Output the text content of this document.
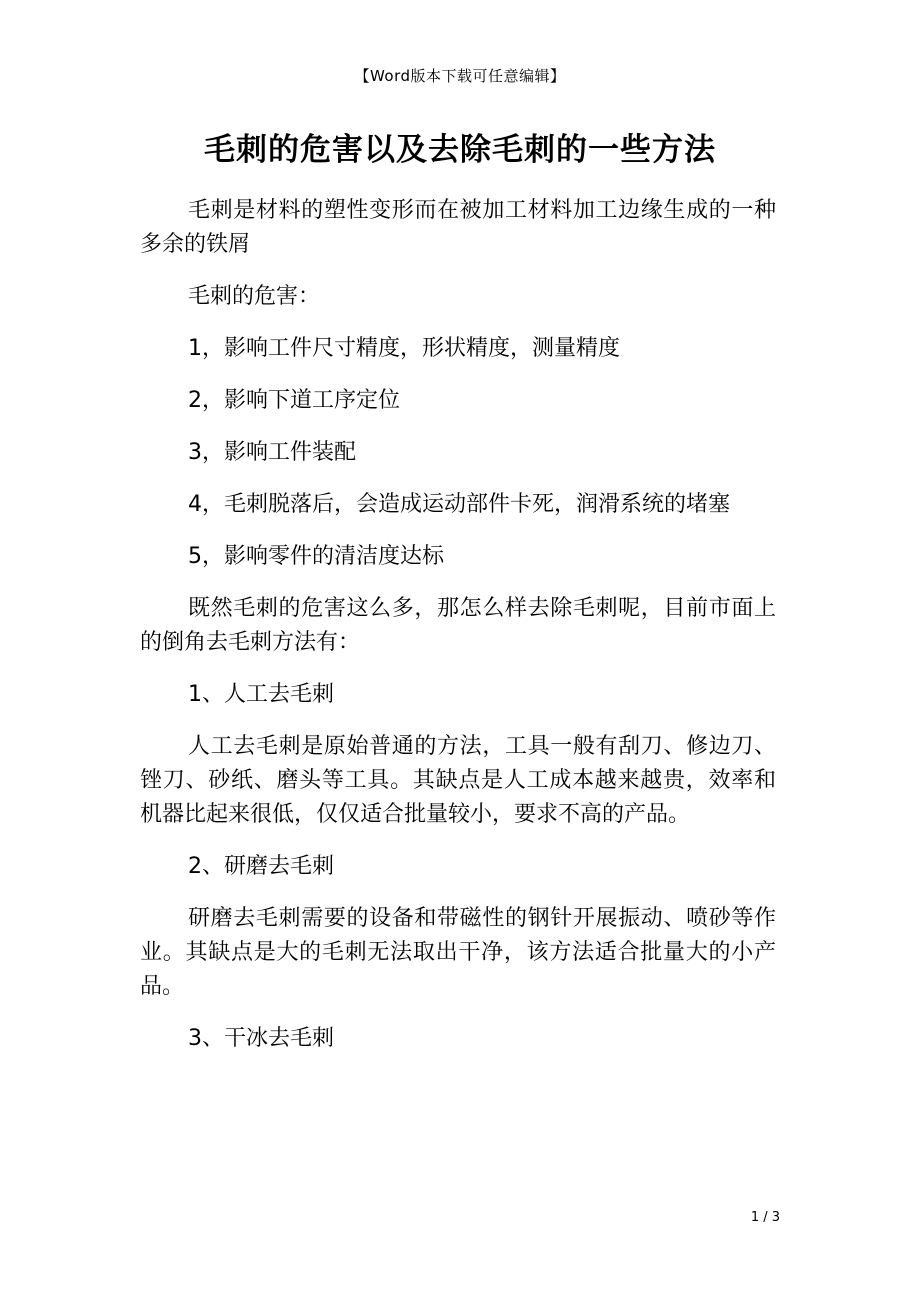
【Word版本下载可任意编辑】
毛刺的危害以及去除毛刺的一些方法

毛刺是材料的塑性变形而在被加工材料加工边缘生成的一种多余的铁屑

毛刺的危害：

1，影响工件尺寸精度，形状精度，测量精度

2，影响下道工序定位

3，影响工件装配

4，毛刺脱落后，会造成运动部件卡死，润滑系统的堵塞

5，影响零件的清洁度达标

既然毛刺的危害这么多，那怎么样去除毛刺呢，目前市面上的倒角去毛刺方法有：

1、人工去毛刺

人工去毛刺是原始普通的方法，工具一般有刮刀、修边刀、锉刀、砂纸、磨头等工具。其缺点是人工成本越来越贵，效率和机器比起来很低，仅仅适合批量较小，要求不高的产品。

2、研磨去毛刺

研磨去毛刺需要的设备和带磁性的钢针开展振动、喷砂等作业。其缺点是大的毛刺无法取出干净，该方法适合批量大的小产品。

3、干冰去毛刺

1 / 3
